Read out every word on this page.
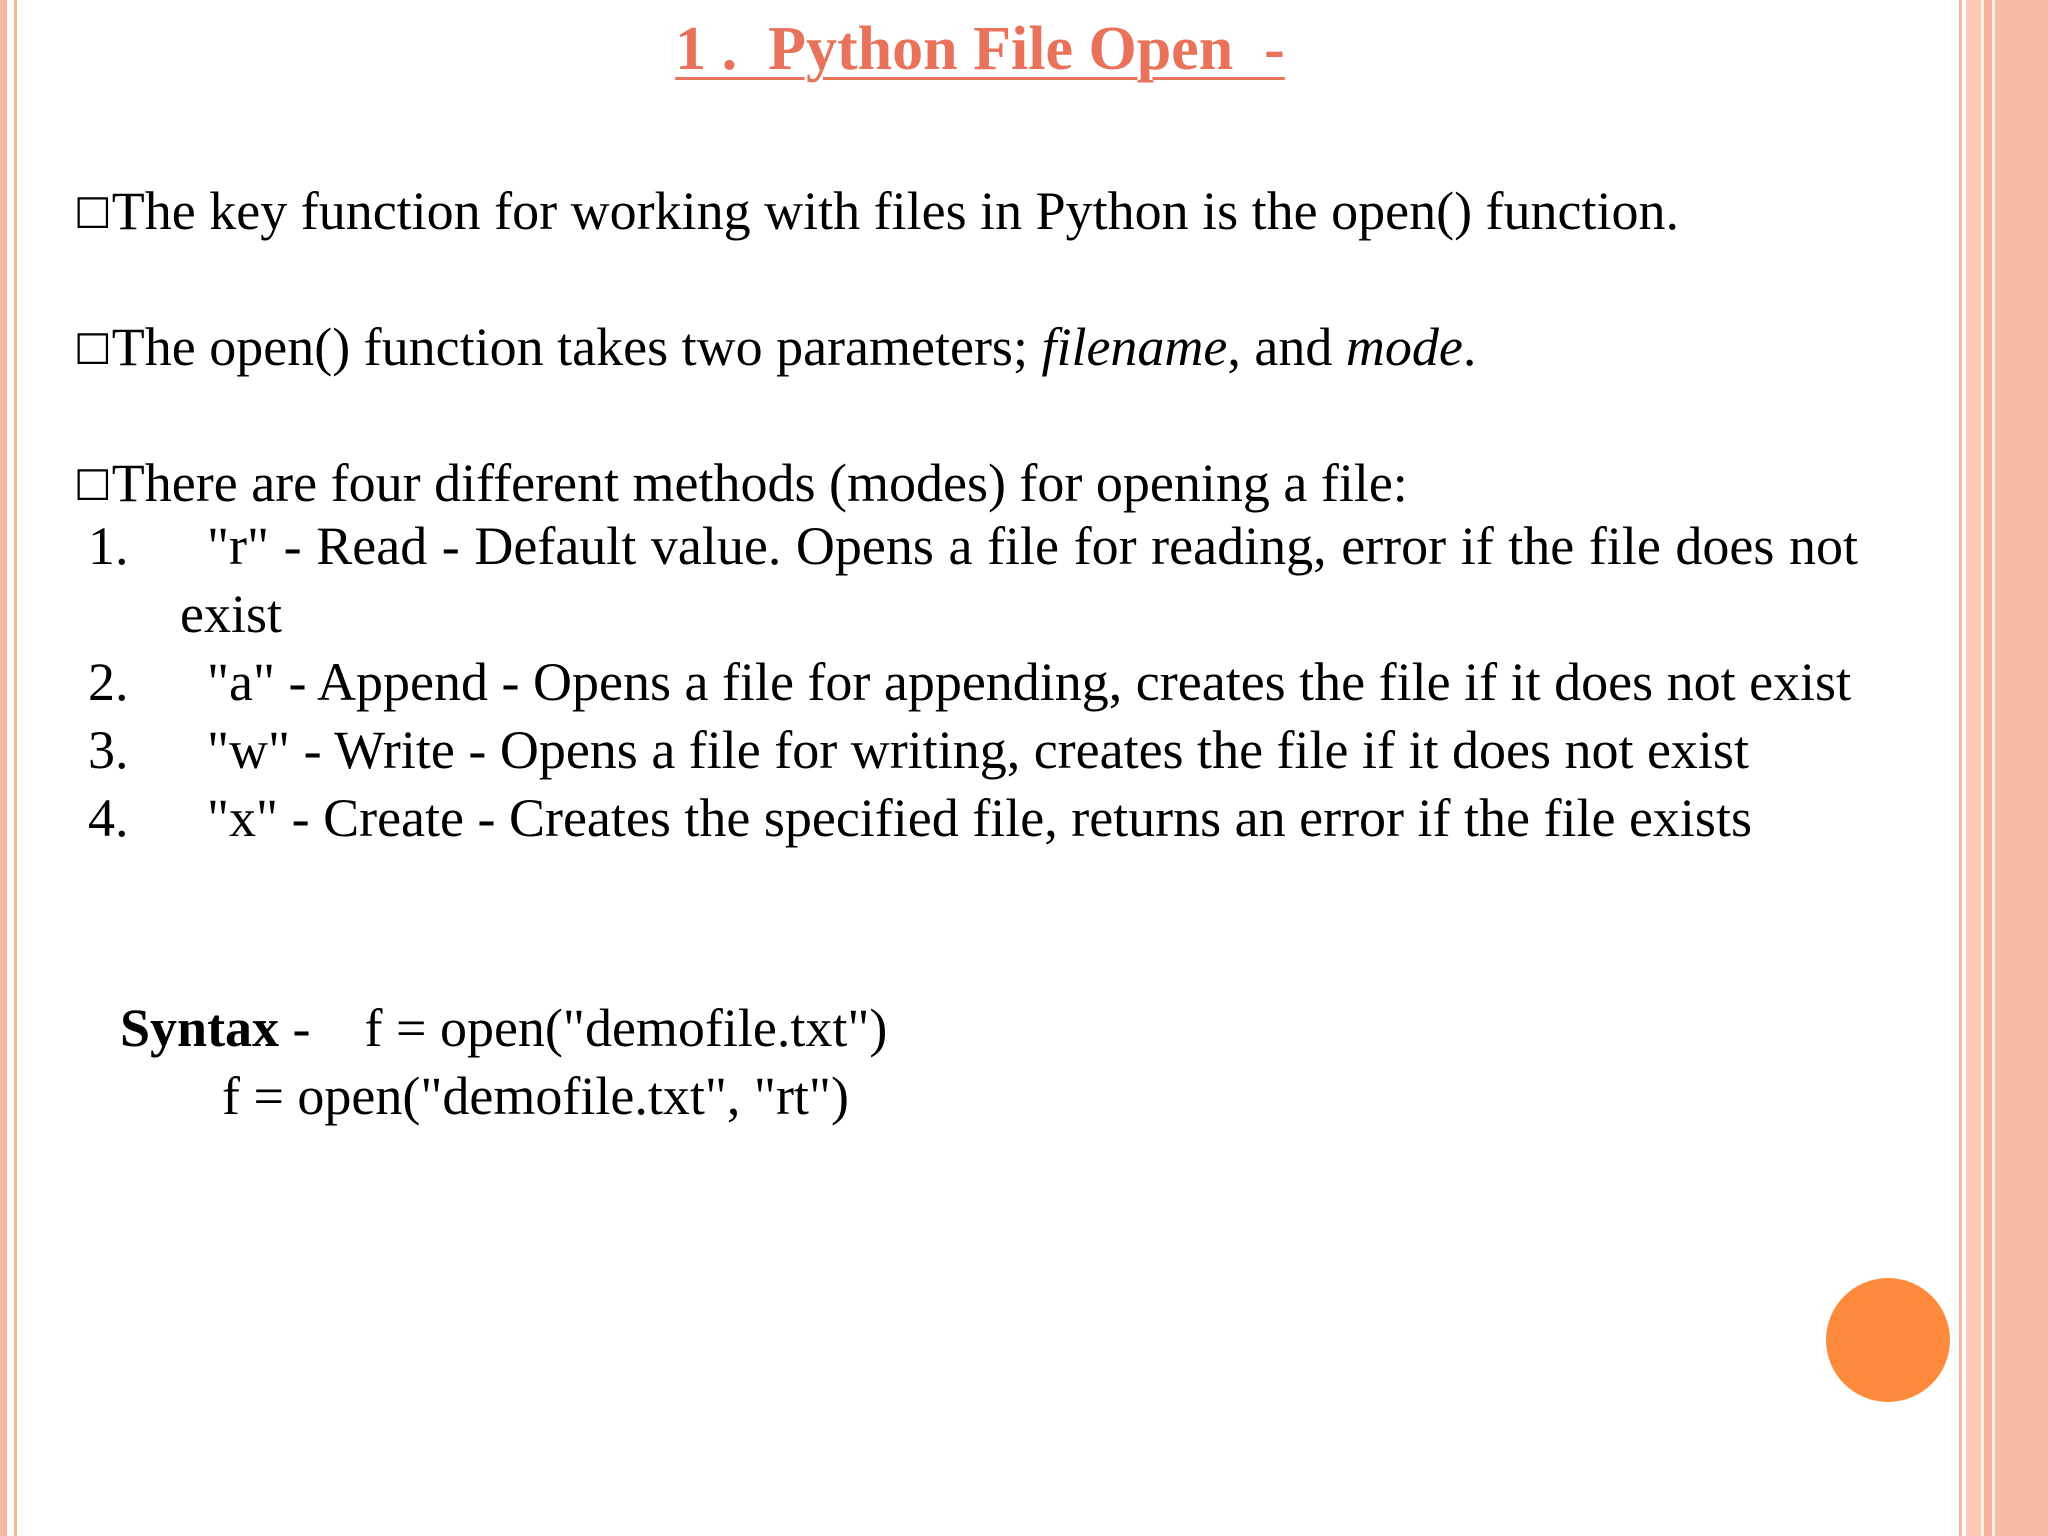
1 .  Python File Open  -
□The key function for working with files in Python is the open() function.
□The open() function takes two parameters; filename, and mode.
□There are four different methods (modes) for opening a file:
1.	"r" - Read - Default value. Opens a file for reading, error if the file does not exist
2.	"a" - Append - Opens a file for appending, creates the file if it does not exist
3.	"w" - Write - Opens a file for writing, creates the file if it does not exist
4.	"x" - Create - Creates the specified file, returns an error if the file exists
Syntax -    f = open("demofile.txt")
f = open("demofile.txt", "rt")
